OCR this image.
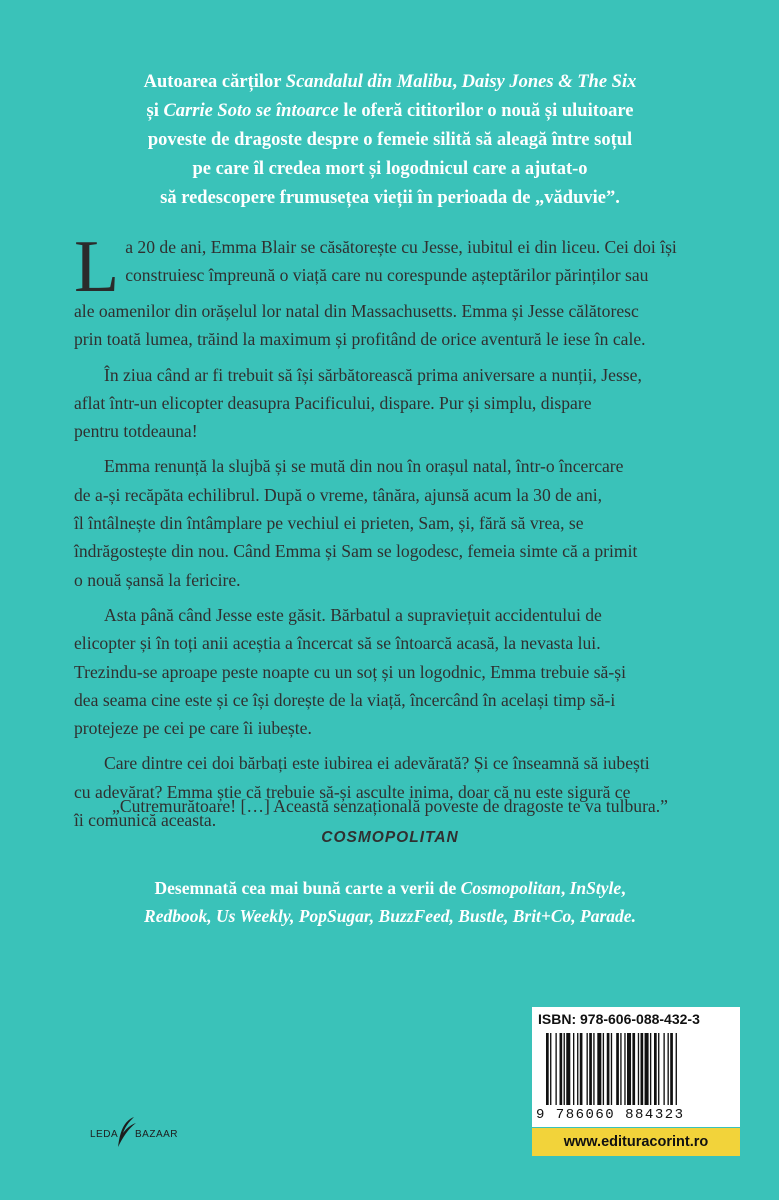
Autoarea cărților Scandalul din Malibu, Daisy Jones & The Six
și Carrie Soto se întoarce le oferă cititorilor o nouă și uluitoare
poveste de dragoste despre o femeie silită să aleagă între soțul
pe care îl credea mort și logodnicul care a ajutat-o
să redescopere frumusețea vieții în perioada de „văduvie”.
L a 20 de ani, Emma Blair se căsătorește cu Jesse, iubitul ei din liceu. Cei doi își
construiesc împreună o viață care nu corespunde așteptărilor părinților sau
ale oamenilor din orășelul lor natal din Massachusetts. Emma și Jesse călătoresc
prin toată lumea, trăind la maximum și profitând de orice aventură le iese în cale.
În ziua când ar fi trebuit să își sărbătorească prima aniversare a nunții, Jesse,
aflat într-un elicopter deasupra Pacificului, dispare. Pur și simplu, dispare
pentru totdeauna!
Emma renunță la slujbă și se mută din nou în orașul natal, într-o încercare
de a-și recăpăta echilibrul. După o vreme, tânăra, ajunsă acum la 30 de ani,
îl întâlnește din întâmplare pe vechiul ei prieten, Sam, și, fără să vrea, se
îndrăgostește din nou. Când Emma și Sam se logodesc, femeia simte că a primit
o nouă șansă la fericire.
Asta până când Jesse este găsit. Bărbatul a supraviețuit accidentului de
elicopter și în toți anii aceștia a încercat să se întoarcă acasă, la nevasta lui.
Trezindu-se aproape peste noapte cu un soț și un logodnic, Emma trebuie să-și
dea seama cine este și ce își dorește de la viață, încercând în același timp să-i
protejeze pe cei pe care îi iubește.
Care dintre cei doi bărbați este iubirea ei adevărată? Și ce înseamnă să iubești
cu adevărat? Emma știe că trebuie să-și asculte inima, doar că nu este sigură ce
îi comunică aceasta.
„Cutremurătoare! […] Această senzațională poveste de dragoste te va tulbura.”
COSMOPOLITAN
Desemnată cea mai bună carte a verii de Cosmopolitan, InStyle,
Redbook, Us Weekly, PopSugar, BuzzFeed, Bustle, Brit+Co, Parade.
LEDA BAZAAR
ISBN: 978-606-088-432-3
9 786060 884323
www.edituracorint.ro
